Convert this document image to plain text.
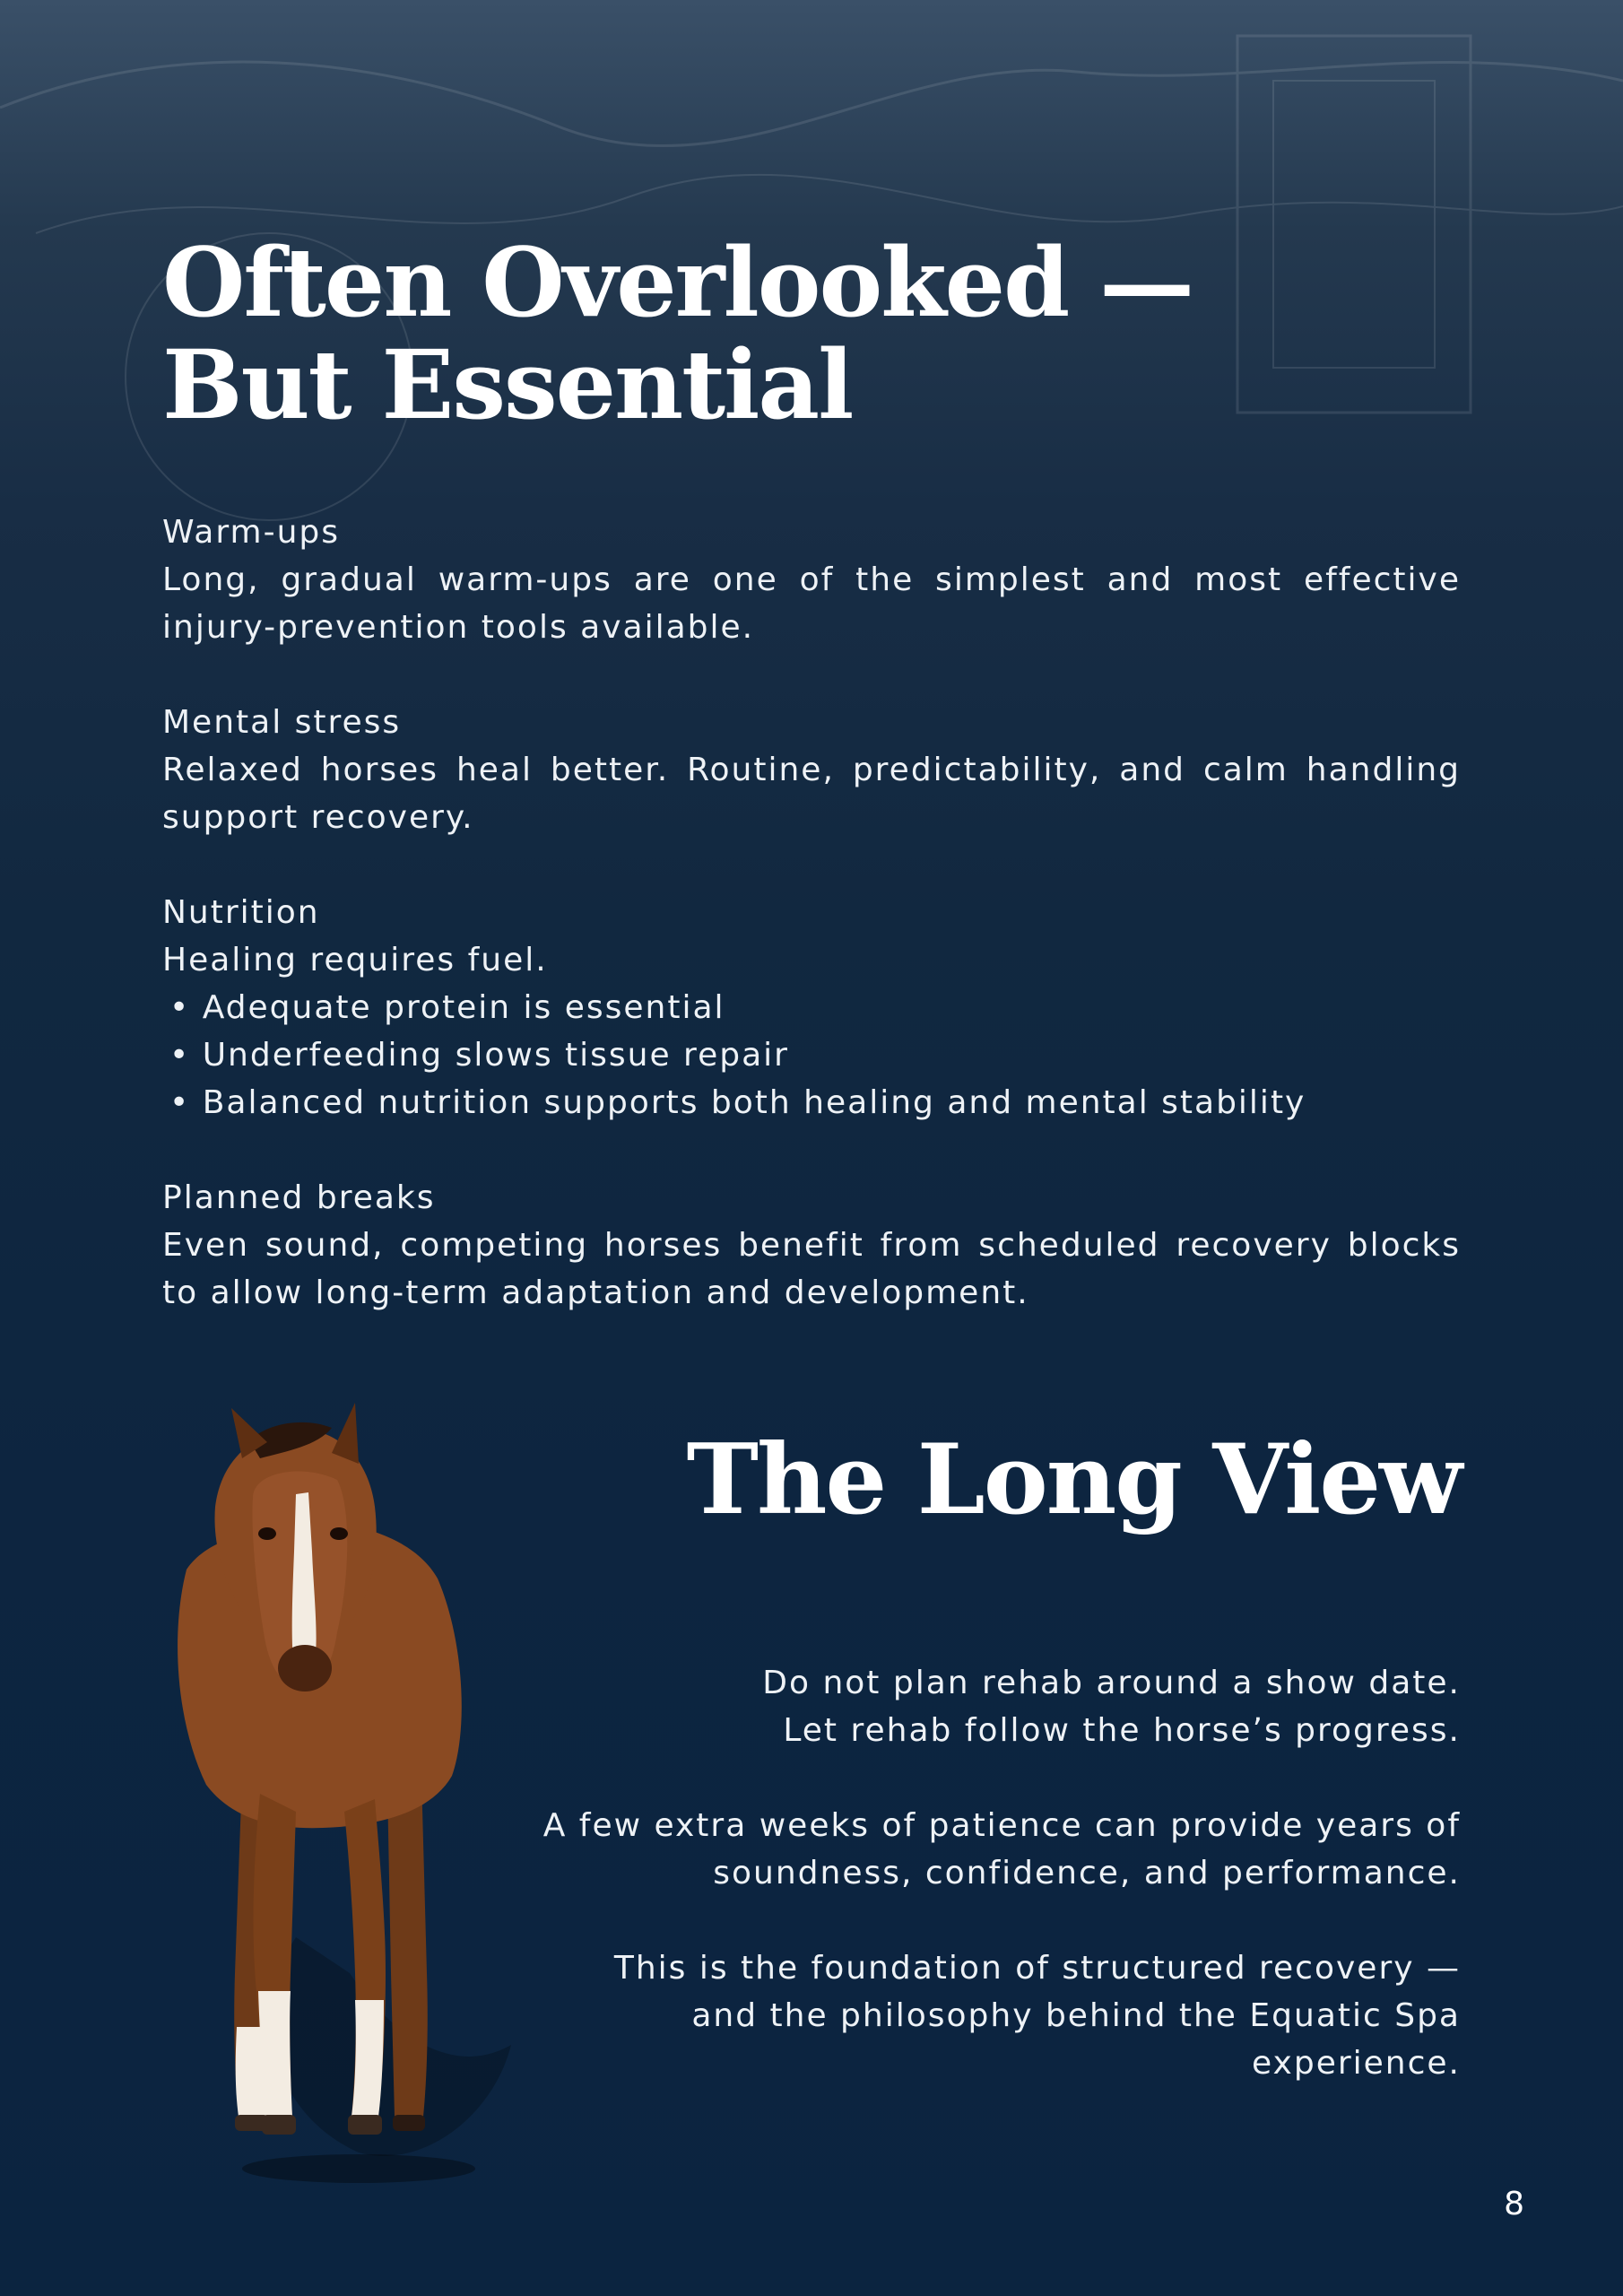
Often Overlooked —
But Essential

Warm-ups

Long, gradual warm-ups are one of the simplest and most effective injury-prevention tools available.

Mental stress

Relaxed horses heal better. Routine, predictability, and calm handling support recovery.

Nutrition

Healing requires fuel.

• Adequate protein is essential
• Underfeeding slows tissue repair
• Balanced nutrition supports both healing and mental stability

Planned breaks

Even sound, competing horses benefit from scheduled recovery blocks to allow long-term adaptation and development.

The Long View

Do not plan rehab around a show date.
Let rehab follow the horse’s progress.

A few extra weeks of patience can provide years of
soundness, confidence, and performance.

This is the foundation of structured recovery —
and the philosophy behind the Equatic Spa
experience.

8
